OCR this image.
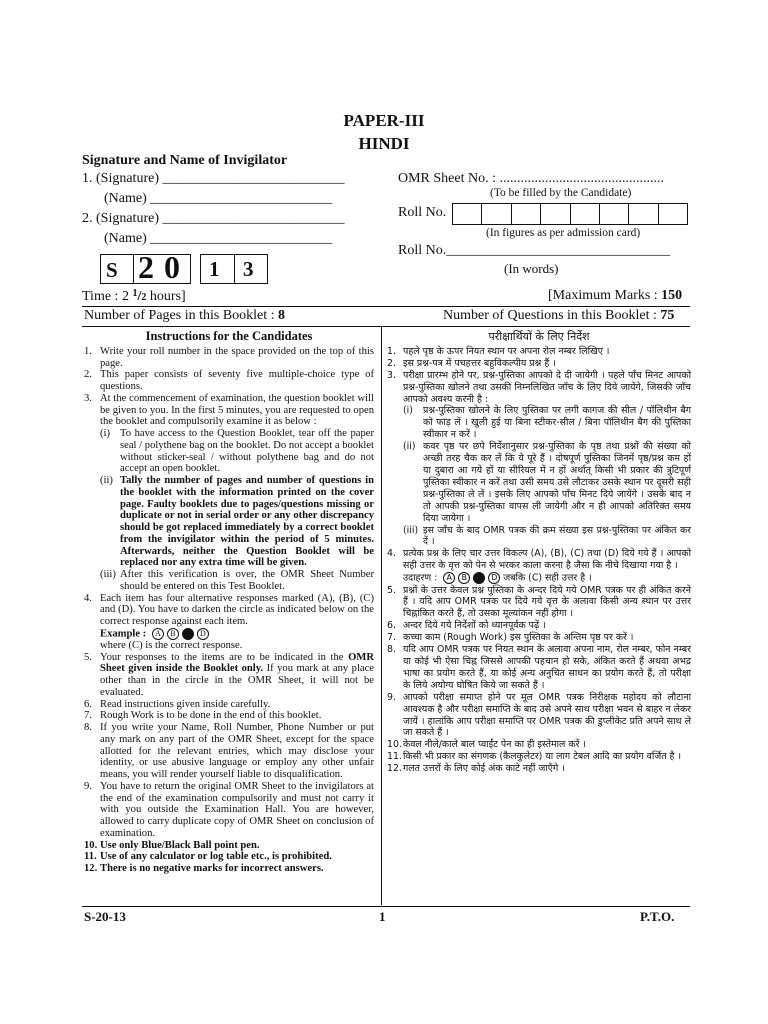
PAPER-III
HINDI
Signature and Name of Invigilator
1. (Signature) __________________________
(Name) __________________________
2. (Signature) __________________________
(Name) __________________________
OMR Sheet No. : ...............................................
(To be filled by the Candidate)
Roll No.
(In figures as per admission card)
Roll No.________________________________
(In words)
S 2 0 1 3
Time : 2 $^1$/2 hours]	[Maximum Marks : 150
Number of Pages in this Booklet : 8	Number of Questions in this Booklet : 75
Instructions for the Candidates
1. Write your roll number in the space provided on the top of this page.
2. This paper consists of seventy five multiple-choice type of questions.
3. At the commencement of examination, the question booklet will be given to you. In the first 5 minutes, you are requested to open the booklet and compulsorily examine it as below :
(i) To have access to the Question Booklet, tear off the paper seal / polythene bag on the booklet. Do not accept a booklet without sticker-seal / without polythene bag and do not accept an open booklet.
(ii) Tally the number of pages and number of questions in the booklet with the information printed on the cover page. Faulty booklets due to pages/questions missing or duplicate or not in serial order or any other discrepancy should be got replaced immediately by a correct booklet from the invigilator within the period of 5 minutes. Afterwards, neither the Question Booklet will be replaced nor any extra time will be given.
(iii) After this verification is over, the OMR Sheet Number should be entered on this Test Booklet.
4. Each item has four alternative responses marked (A), (B), (C) and (D). You have to darken the circle as indicated below on the correct response against each item.
Example :	A	B	D
where (C) is the correct response.
5. Your responses to the items are to be indicated in the OMR Sheet given inside the Booklet only. If you mark at any place other than in the circle in the OMR Sheet, it will not be evaluated.
6. Read instructions given inside carefully.
7. Rough Work is to be done in the end of this booklet.
8. If you write your Name, Roll Number, Phone Number or put any mark on any part of the OMR Sheet, except for the space allotted for the relevant entries, which may disclose your identity, or use abusive language or employ any other unfair means, you will render yourself liable to disqualification.
9. You have to return the original OMR Sheet to the invigilators at the end of the examination compulsorily and must not carry it with you outside the Examination Hall. You are however, allowed to carry duplicate copy of OMR Sheet on conclusion of examination.
10. Use only Blue/Black Ball point pen.
11. Use of any calculator or log table etc., is prohibited.
12. There is no negative marks for incorrect answers.
परीक्षार्थियों के लिए निर्देश
1. पहले पृष्ठ के ऊपर नियत स्थान पर अपना रोल नम्बर लिखिए ।
2. इस प्रश्न-पत्र में पचहत्तर बहुविकल्पीय प्रश्न हैं ।
3. परीक्षा प्रारम्भ होने पर, प्रश्न-पुस्तिका आपको दे दी जायेगी । पहले पाँच मिनट आपको प्रश्न-पुस्तिका खोलने तथा उसकी निम्नलिखित जाँच के लिए दिये जायेंगे, जिसकी जाँच आपको अवश्य करनी है :
(i)	प्रश्न-पुस्तिका खोलने के लिए पुस्तिका पर लगी कागज की सील / पॉलिथीन बैग को फाड़ लें । खुली हुई या बिना स्टीकर-सील / बिना पॉलिथीन बैग की पुस्तिका स्वीकार न करें ।
(ii) कवर पृष्ठ पर छपे निर्देशानुसार प्रश्न-पुस्तिका के पृष्ठ तथा प्रश्नों की संख्या को अच्छी तरह चैक कर लें कि ये पूरे हैं । दोषपूर्ण पुस्तिका जिनमें पृष्ठ/प्रश्न कम हों या दुबारा आ गये हों या सीरियल में न हों अर्थात् किसी भी प्रकार की त्रुटिपूर्ण पुस्तिका स्वीकार न करें तथा उसी समय उसे लौटाकर उसके स्थान पर दूसरी सही प्रश्न-पुस्तिका ले लें । इसके लिए आपको पाँच मिनट दिये जायेंगे । उसके बाद न तो आपकी प्रश्न-पुस्तिका वापस ली जायेगी और न ही आपको अतिरिक्त समय दिया जायेगा ।
(iii) इस जाँच के बाद OMR पत्रक की क्रम संख्या इस प्रश्न-पुस्तिका पर अंकित कर दें ।
4. प्रत्येक प्रश्न के लिए चार उत्तर विकल्प (A), (B), (C) तथा (D) दिये गये हैं । आपको सही उत्तर के वृत्त को पेन से भरकर काला करना है जैसा कि नीचे दिखाया गया है ।
उदाहरण :	A	B	D जबकि (C) सही उत्तर है ।
5. प्रश्नों के उत्तर केवल प्रश्न पुस्तिका के अन्दर दिये गये OMR पत्रक पर ही अंकित करने हैं । यदि आप OMR पत्रक पर दिये गये वृत्त के अलावा किसी अन्य स्थान पर उत्तर चिह्नांकित करते हैं, तो उसका मूल्यांकन नहीं होगा ।
6. अन्दर दिये गये निर्देशों को ध्यानपूर्वक पढ़ें ।
7. कच्चा काम (Rough Work) इस पुस्तिका के अन्तिम पृष्ठ पर करें ।
8. यदि आप OMR पत्रक पर नियत स्थान के अलावा अपना नाम, रोल नम्बर, फोन नम्बर या कोई भी ऐसा चिह्न जिससे आपकी पहचान हो सके, अंकित करते हैं अथवा अभद्र भाषा का प्रयोग करते हैं, या कोई अन्य अनुचित साधन का प्रयोग करते हैं, तो परीक्षा के लिये अयोग्य घोषित किये जा सकते हैं ।
9. आपको परीक्षा समाप्त होने पर मूल OMR पत्रक निरीक्षक महोदय को लौटाना आवश्यक है और परीक्षा समाप्ति के बाद उसे अपने साथ परीक्षा भवन से बाहर न लेकर जायें । हालांकि आप परीक्षा समाप्ति पर OMR पत्रक की डुप्लीकेट प्रति अपने साथ ले जा सकते हैं ।
10. केवल नीले/काले बाल प्वाईंट पेन का ही इस्तेमाल करें ।
11. किसी भी प्रकार का संगणक (कैलकुलेटर) या लाग टेबल आदि का प्रयोग वर्जित है ।
12. गलत उत्तरों के लिए कोई अंक काटे नहीं जाएँगे ।
S-20-13	1	P.T.O.
